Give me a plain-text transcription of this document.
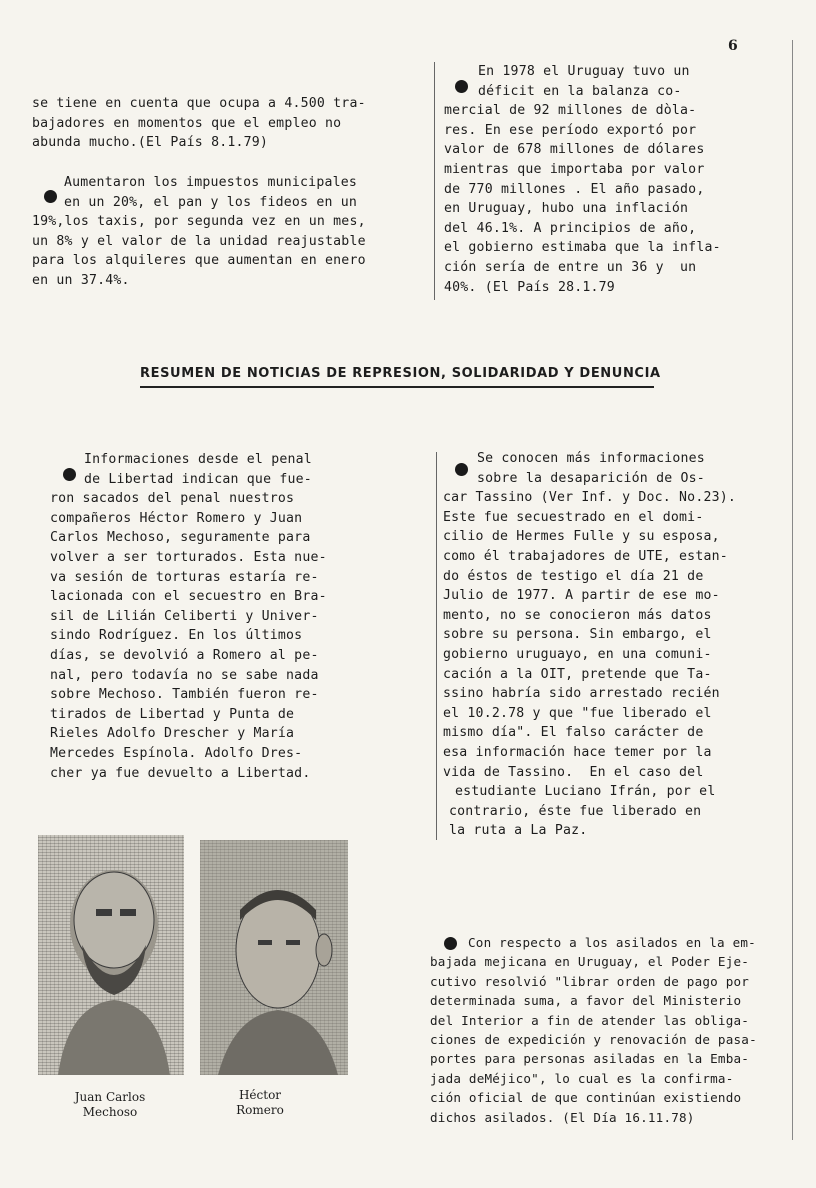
6
se tiene en cuenta que ocupa a 4.500 tra-
bajadores en momentos que el empleo no
abunda mucho.(El País 8.1.79)
Aumentaron los impuestos municipales
en un 20%, el pan y los fideos en un
19%,los taxis, por segunda vez en un mes,
un 8% y el valor de la unidad reajustable
para los alquileres que aumentan en enero
en un 37.4%.
En 1978 el Uruguay tuvo un
déficit en la balanza co-
mercial de 92 millones de dòla-
res. En ese período exportó por
valor de 678 millones de dólares
mientras que importaba por valor
de 770 millones . El año pasado,
en Uruguay, hubo una inflación
del 46.1%. A principios de año,
el gobierno estimaba que la infla-
ción sería de entre un 36 y  un
40%. (El País 28.1.79
RESUMEN DE NOTICIAS DE REPRESION, SOLIDARIDAD Y DENUNCIA
Informaciones desde el penal
de Libertad indican que fue-
ron sacados del penal nuestros
compañeros Héctor Romero y Juan
Carlos Mechoso, seguramente para
volver a ser torturados. Esta nue-
va sesión de torturas estaría re-
lacionada con el secuestro en Bra-
sil de Lilián Celiberti y Univer-
sindo Rodríguez. En los últimos
días, se devolvió a Romero al pe-
nal, pero todavía no se sabe nada
sobre Mechoso. También fueron re-
tirados de Libertad y Punta de
Rieles Adolfo Drescher y María
Mercedes Espínola. Adolfo Dres-
cher ya fue devuelto a Libertad.
Se conocen más informaciones
sobre la desaparición de Os-
car Tassino (Ver Inf. y Doc. No.23).
Este fue secuestrado en el domi-
cilio de Hermes Fulle y su esposa,
como él trabajadores de UTE, estan-
do éstos de testigo el día 21 de
Julio de 1977. A partir de ese mo-
mento, no se conocieron más datos
sobre su persona. Sin embargo, el
gobierno uruguayo, en una comuni-
cación a la OIT, pretende que Ta-
ssino habría sido arrestado recién
el 10.2.78 y que "fue liberado el
mismo día". El falso carácter de
esa información hace temer por la
vida de Tassino.  En el caso del
estudiante Luciano Ifrán, por el
contrario, éste fue liberado en
la ruta a La Paz.
Juan Carlos
Mechoso
Héctor
Romero
Con respecto a los asilados en la em-
bajada mejicana en Uruguay, el Poder Eje-
cutivo resolvió "librar orden de pago por
determinada suma, a favor del Ministerio
del Interior a fin de atender las obliga-
ciones de expedición y renovación de pasa-
portes para personas asiladas en la Emba-
jada deMéjico", lo cual es la confirma-
ción oficial de que continúan existiendo
dichos asilados. (El Día 16.11.78)
